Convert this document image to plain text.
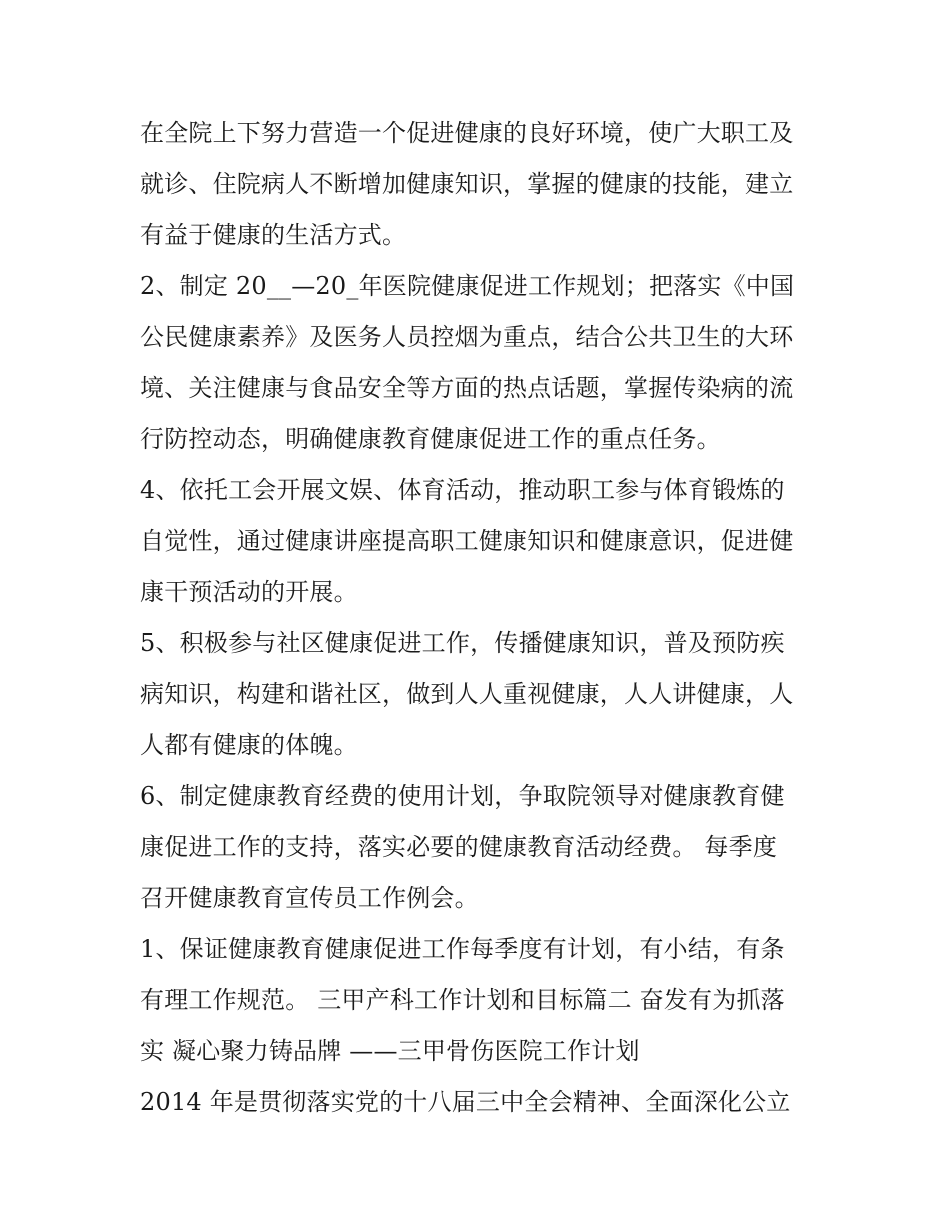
在全院上下努力营造一个促进健康的良好环境，使广大职工及
就诊、住院病人不断增加健康知识，掌握的健康的技能，建立
有益于健康的生活方式。
2、制定 20__—20_年医院健康促进工作规划；把落实《中国
公民健康素养》及医务人员控烟为重点，结合公共卫生的大环
境、关注健康与食品安全等方面的热点话题，掌握传染病的流
行防控动态，明确健康教育健康促进工作的重点任务。
4、依托工会开展文娱、体育活动，推动职工参与体育锻炼的
自觉性，通过健康讲座提高职工健康知识和健康意识，促进健
康干预活动的开展。
5、积极参与社区健康促进工作，传播健康知识，普及预防疾
病知识，构建和谐社区，做到人人重视健康，人人讲健康，人
人都有健康的体魄。
6、制定健康教育经费的使用计划，争取院领导对健康教育健
康促进工作的支持，落实必要的健康教育活动经费。 每季度
召开健康教育宣传员工作例会。
1、保证健康教育健康促进工作每季度有计划，有小结，有条
有理工作规范。 三甲产科工作计划和目标篇二 奋发有为抓落
实 凝心聚力铸品牌 ——三甲骨伤医院工作计划
2014 年是贯彻落实党的十八届三中全会精神、全面深化公立
